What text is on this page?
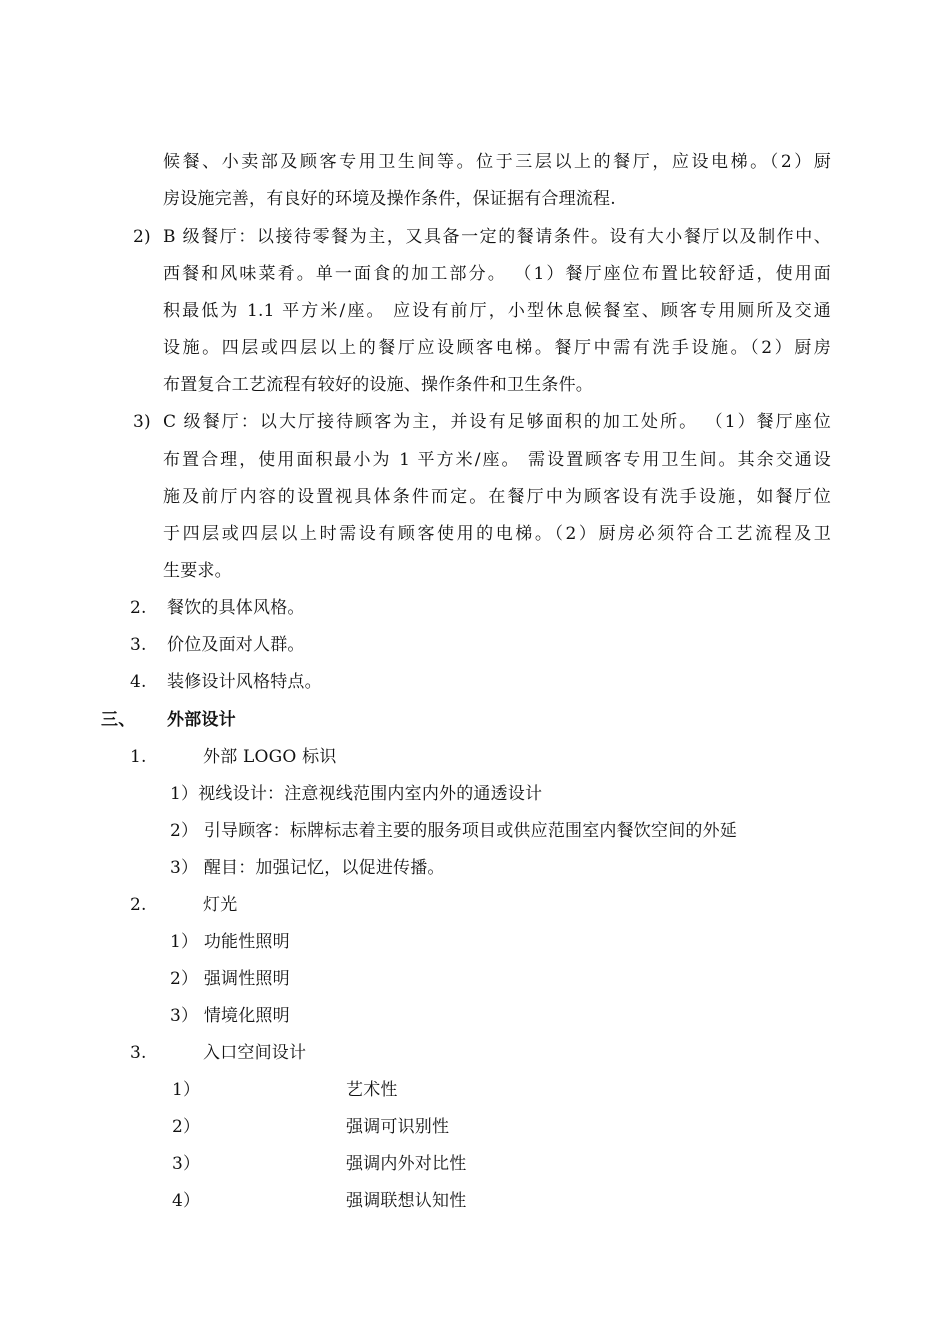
候餐、小卖部及顾客专用卫生间等。位于三层以上的餐厅，应设电梯。（2）厨
房设施完善，有良好的环境及操作条件，保证据有合理流程.
2) B 级餐厅：以接待零餐为主，又具备一定的餐请条件。设有大小餐厅以及制作中、
西餐和风味菜肴。单一面食的加工部分。 （1）餐厅座位布置比较舒适，使用面
积最低为 1.1 平方米/座。 应设有前厅，小型休息候餐室、顾客专用厕所及交通
设施。四层或四层以上的餐厅应设顾客电梯。餐厅中需有洗手设施。（2）厨房
布置复合工艺流程有较好的设施、操作条件和卫生条件。
3) C 级餐厅：以大厅接待顾客为主，并设有足够面积的加工处所。 （1）餐厅座位
布置合理，使用面积最小为 1 平方米/座。 需设置顾客专用卫生间。其余交通设
施及前厅内容的设置视具体条件而定。在餐厅中为顾客设有洗手设施，如餐厅位
于四层或四层以上时需设有顾客使用的电梯。（2）厨房必须符合工艺流程及卫
生要求。
2. 餐饮的具体风格。
3. 价位及面对人群。
4. 装修设计风格特点。
三、 外部设计
1.	外部 LOGO 标识
1）视线设计：注意视线范围内室内外的通透设计
2） 引导顾客：标牌标志着主要的服务项目或供应范围室内餐饮空间的外延
3） 醒目：加强记忆，以促进传播。
2.	灯光
1） 功能性照明
2） 强调性照明
3） 情境化照明
3.	入口空间设计
1）	艺术性
2）	强调可识别性
3）	强调内外对比性
4）	强调联想认知性
